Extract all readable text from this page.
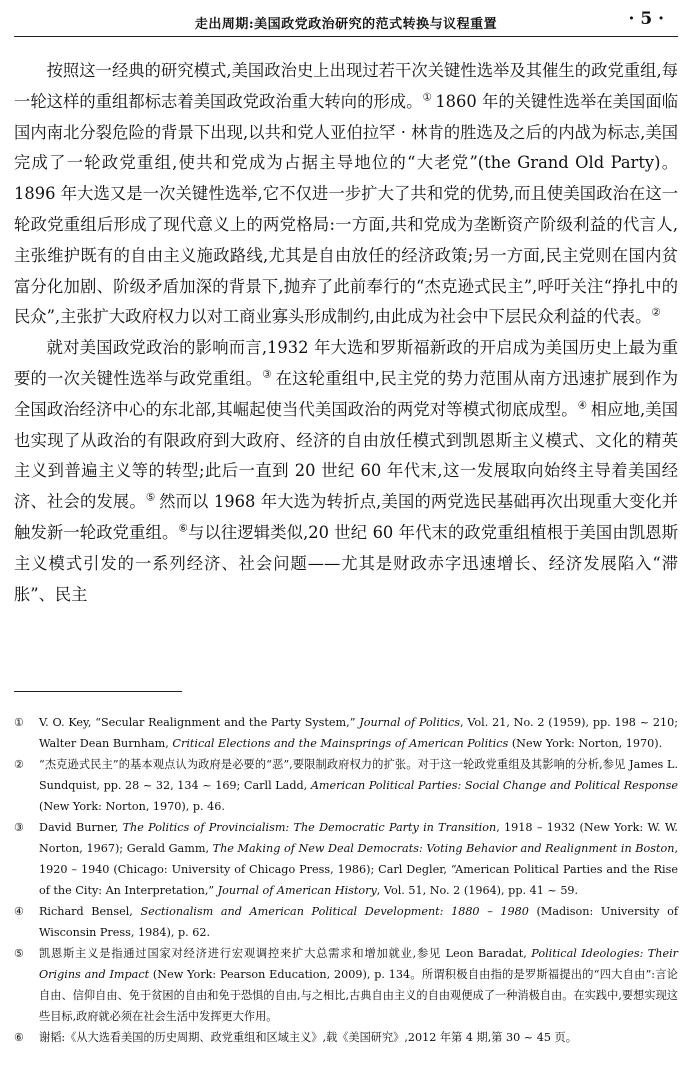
走出周期:美国政党政治研究的范式转换与议程重置	· 5 ·

按照这一经典的研究模式,美国政治史上出现过若干次关键性选举及其催生的政党重组,每一轮这样的重组都标志着美国政党政治重大转向的形成。① 1860 年的关键性选举在美国面临国内南北分裂危险的背景下出现,以共和党人亚伯拉罕 · 林肯的胜选及之后的内战为标志,美国完成了一轮政党重组,使共和党成为占据主导地位的“大老党”(the Grand Old Party)。1896 年大选又是一次关键性选举,它不仅进一步扩大了共和党的优势,而且使美国政治在这一轮政党重组后形成了现代意义上的两党格局:一方面,共和党成为垄断资产阶级利益的代言人,主张维护既有的自由主义施政路线,尤其是自由放任的经济政策;另一方面,民主党则在国内贫富分化加剧、阶级矛盾加深的背景下,抛弃了此前奉行的“杰克逊式民主”,呼吁关注“挣扎中的民众”,主张扩大政府权力以对工商业寡头形成制约,由此成为社会中下层民众利益的代表。②

就对美国政党政治的影响而言,1932 年大选和罗斯福新政的开启成为美国历史上最为重要的一次关键性选举与政党重组。③ 在这轮重组中,民主党的势力范围从南方迅速扩展到作为全国政治经济中心的东北部,其崛起使当代美国政治的两党对等模式彻底成型。④ 相应地,美国也实现了从政治的有限政府到大政府、经济的自由放任模式到凯恩斯主义模式、文化的精英主义到普遍主义等的转型;此后一直到 20 世纪 60 年代末,这一发展取向始终主导着美国经济、社会的发展。⑤ 然而以 1968 年大选为转折点,美国的两党选民基础再次出现重大变化并触发新一轮政党重组。⑥与以往逻辑类似,20 世纪 60 年代末的政党重组植根于美国由凯恩斯主义模式引发的一系列经济、社会问题——尤其是财政赤字迅速增长、经济发展陷入“滞胀”、民主

①	V. O. Key, “Secular Realignment and the Party System,” Journal of Politics, Vol. 21, No. 2 (1959), pp. 198 ~ 210; Walter Dean Burnham, Critical Elections and the Mainsprings of American Politics (New York: Norton, 1970).
②	“杰克逊式民主”的基本观点认为政府是必要的“恶”,要限制政府权力的扩张。对于这一轮政党重组及其影响的分析,参见 James L. Sundquist, pp. 28 ~ 32, 134 ~ 169; Carll Ladd, American Political Parties: Social Change and Political Response (New York: Norton, 1970), p. 46.
③	David Burner, The Politics of Provincialism: The Democratic Party in Transition, 1918 – 1932 (New York: W. W. Norton, 1967); Gerald Gamm, The Making of New Deal Democrats: Voting Behavior and Realignment in Boston, 1920 – 1940 (Chicago: University of Chicago Press, 1986); Carl Degler, “American Political Parties and the Rise of the City: An Interpretation,” Journal of American History, Vol. 51, No. 2 (1964), pp. 41 ~ 59.
④	Richard Bensel, Sectionalism and American Political Development: 1880 – 1980 (Madison: University of Wisconsin Press, 1984), p. 62.
⑤	凯恩斯主义是指通过国家对经济进行宏观调控来扩大总需求和增加就业,参见 Leon Baradat, Political Ideologies: Their Origins and Impact (New York: Pearson Education, 2009), p. 134。所谓积极自由指的是罗斯福提出的“四大自由”:言论自由、信仰自由、免于贫困的自由和免于恐惧的自由,与之相比,古典自由主义的自由观便成了一种消极自由。在实践中,要想实现这些目标,政府就必须在社会生活中发挥更大作用。
⑥	谢韬:《从大选看美国的历史周期、政党重组和区域主义》,载《美国研究》,2012 年第 4 期,第 30 ~ 45 页。
